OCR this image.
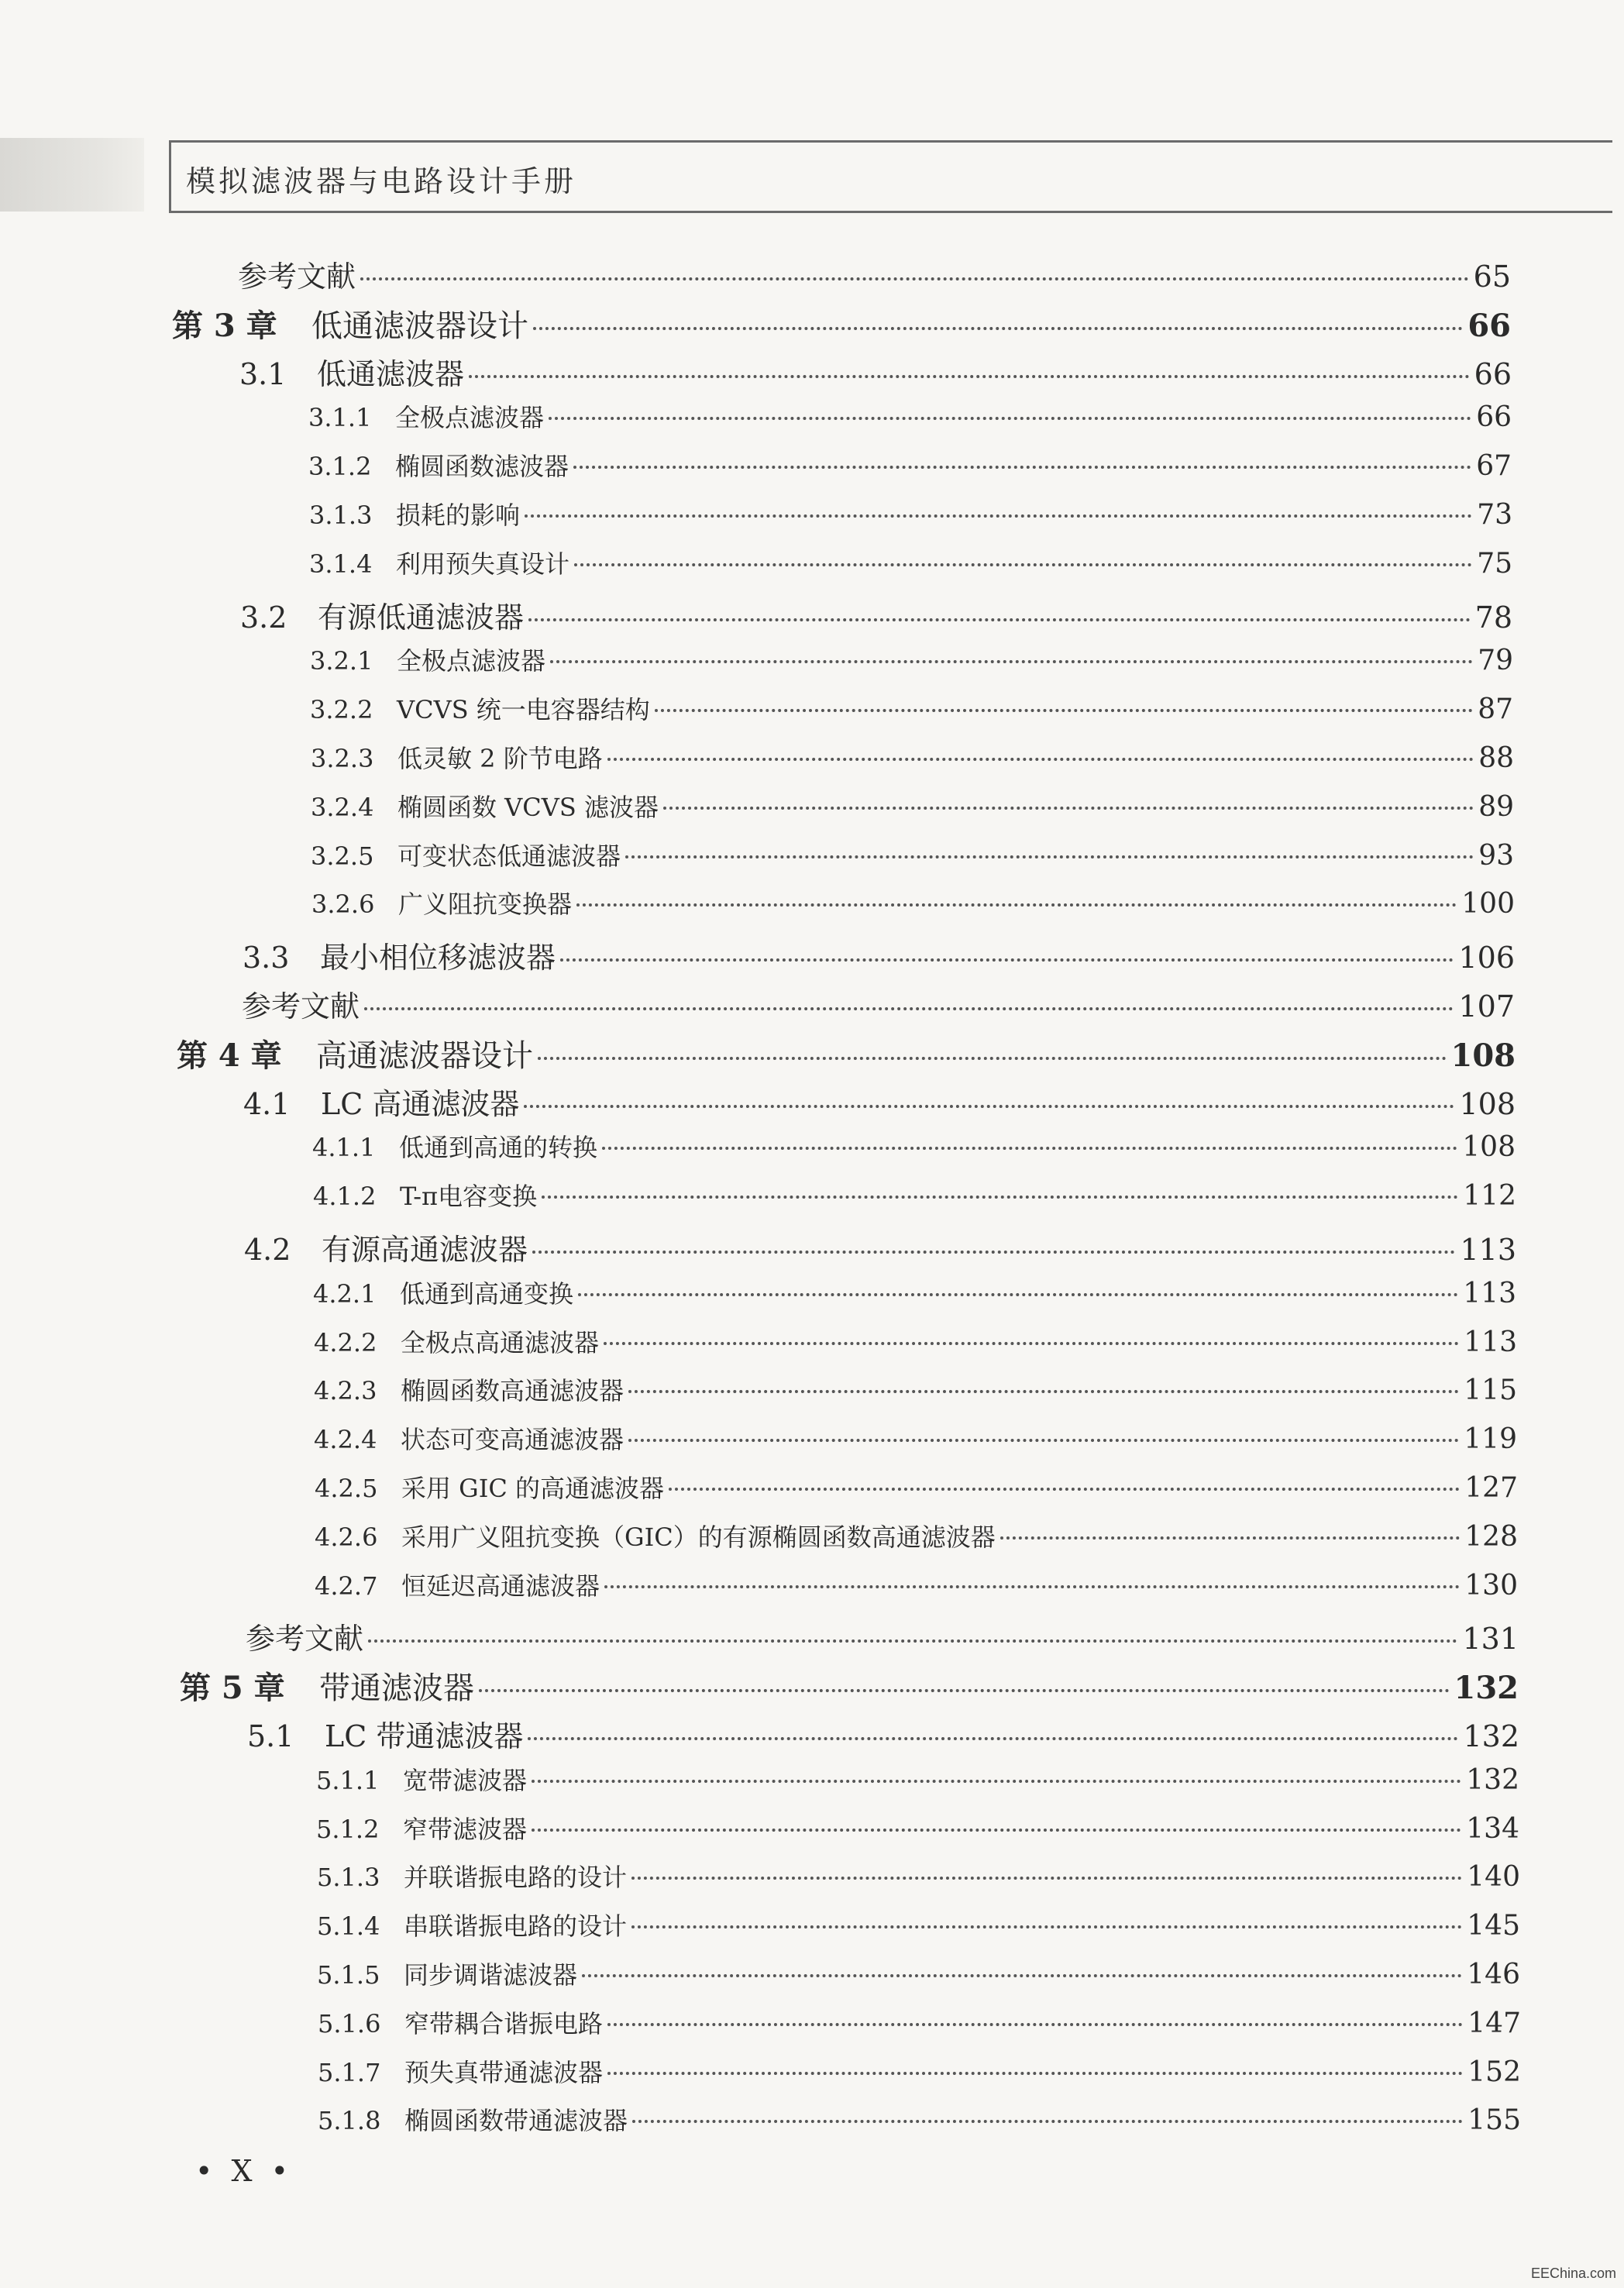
模拟滤波器与电路设计手册
参考文献	65
第 3 章	低通滤波器设计	66
3.1	低通滤波器	66
3.1.1 全极点滤波器	66
3.1.2 椭圆函数滤波器	67
3.1.3 损耗的影响	73
3.1.4 利用预失真设计	75
3.2	有源低通滤波器	78
3.2.1 全极点滤波器	79
3.2.2 VCVS 统一电容器结构	87
3.2.3 低灵敏 2 阶节电路	88
3.2.4 椭圆函数 VCVS 滤波器	89
3.2.5 可变状态低通滤波器	93
3.2.6 广义阻抗变换器	100
3.3	最小相位移滤波器	106
参考文献	107
第 4 章	高通滤波器设计	108
4.1	LC 高通滤波器	108
4.1.1 低通到高通的转换	108
4.1.2 T-π电容变换	112
4.2	有源高通滤波器	113
4.2.1 低通到高通变换	113
4.2.2 全极点高通滤波器	113
4.2.3 椭圆函数高通滤波器	115
4.2.4 状态可变高通滤波器	119
4.2.5 采用 GIC 的高通滤波器	127
4.2.6 采用广义阻抗变换（GIC）的有源椭圆函数高通滤波器	128
4.2.7 恒延迟高通滤波器	130
参考文献	131
第 5 章	带通滤波器	132
5.1	LC 带通滤波器	132
5.1.1 宽带滤波器	132
5.1.2 窄带滤波器	134
5.1.3 并联谐振电路的设计	140
5.1.4 串联谐振电路的设计	145
5.1.5 同步调谐滤波器	146
5.1.6 窄带耦合谐振电路	147
5.1.7 预失真带通滤波器	152
5.1.8 椭圆函数带通滤波器	155
• X •
EEChina.com
